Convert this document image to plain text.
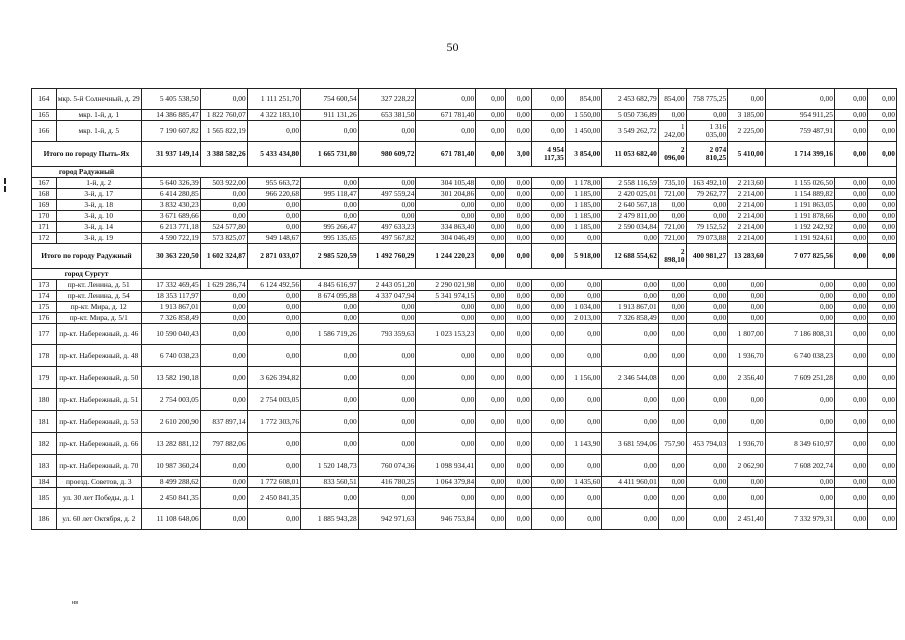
50
164	мкр. 5-й Солнечный, д. 29	5 405 538,50	0,00	1 111 251,70	754 600,54	327 228,22	0,00	0,00	0,00	0,00	854,00	2 453 682,79	854,00	758 775,25	0,00	0,00	0,00	0,00
165	мкр. 1-й, д. 1	14 386 885,47	1 822 760,07	4 322 183,10	911 131,26	653 381,50	671 781,40	0,00	0,00	0,00	1 550,00	5 050 736,89	0,00	0,00	3 185,00	954 911,25	0,00	0,00
166	мкр. 1-й, д. 5	7 190 607,82	1 565 822,19	0,00	0,00	0,00	0,00	0,00	0,00	0,00	1 450,00	3 549 262,72	1 242,00	1 316 035,00	2 225,00	759 487,91	0,00	0,00
Итого по городу Пыть-Ях		31 937 149,14	3 388 582,26	5 433 434,80	1 665 731,80	980 609,72	671 781,40	0,00	3,00	4 954 117,35	3 854,00	11 053 682,40	2 096,00	2 074 810,25	5 410,00	1 714 399,16	0,00	0,00
город Радужный																		
167	1-й, д. 2	5 640 326,39	503 922,00	955 663,72	0,00	0,00	304 105,48	0,00	0,00	0,00	1 178,00	2 558 116,59	735,10	163 492,10	2 213,60	1 155 026,50	0,00	0,00
168	3-й, д. 17	6 414 280,85	0,00	966 220,68	995 118,47	497 559,24	301 204,86	0,00	0,00	0,00	1 185,00	2 420 025,01	721,00	79 262,77	2 214,00	1 154 889,82	0,00	0,00
169	3-й, д. 18	3 832 430,23	0,00	0,00	0,00	0,00	0,00	0,00	0,00	0,00	1 185,00	2 640 567,18	0,00	0,00	2 214,00	1 191 863,05	0,00	0,00
170	3-й, д. 10	3 671 689,66	0,00	0,00	0,00	0,00	0,00	0,00	0,00	0,00	1 185,00	2 479 811,00	0,00	0,00	2 214,00	1 191 878,66	0,00	0,00
171	3-й, д. 14	6 213 771,18	524 577,80	0,00	995 266,47	497 633,23	334 863,40	0,00	0,00	0,00	1 185,00	2 590 034,84	721,00	79 152,52	2 214,00	1 192 242,92	0,00	0,00
172	3-й, д. 19	4 590 722,19	573 825,07	949 148,67	995 135,65	497 567,82	304 046,49	0,00	0,00	0,00	0,00	0,00	721,00	79 073,88	2 214,00	1 191 924,61	0,00	0,00
Итого по городу Радужный		30 363 220,50	1 602 324,87	2 871 033,07	2 985 520,59	1 492 760,29	1 244 220,23	0,00	0,00	0,00	5 918,00	12 688 554,62	2 898,10	400 981,27	13 283,60	7 077 825,56	0,00	0,00
город Сургут																		
173	пр-кт. Ленина, д. 51	17 332 469,45	1 629 286,74	6 124 492,56	4 845 616,97	2 443 051,20	2 290 021,98	0,00	0,00	0,00	0,00	0,00	0,00	0,00	0,00	0,00	0,00	0,00
174	пр-кт. Ленина, д. 54	18 353 117,97	0,00	0,00	8 674 095,88	4 337 047,94	5 341 974,15	0,00	0,00	0,00	0,00	0,00	0,00	0,00	0,00	0,00	0,00	0,00
175	пр-кт. Мира, д. 12	1 913 867,01	0,00	0,00	0,00	0,00	0,00	0,00	0,00	0,00	1 034,00	1 913 867,01	0,00	0,00	0,00	0,00	0,00	0,00
176	пр-кт. Мира, д. 5/1	7 326 858,49	0,00	0,00	0,00	0,00	0,00	0,00	0,00	0,00	2 013,00	7 326 858,49	0,00	0,00	0,00	0,00	0,00	0,00
177	пр-кт. Набережный, д. 46	10 590 040,43	0,00	0,00	1 586 719,26	793 359,63	1 023 153,23	0,00	0,00	0,00	0,00	0,00	0,00	0,00	1 807,00	7 186 808,31	0,00	0,00
178	пр-кт. Набережный, д. 48	6 740 038,23	0,00	0,00	0,00	0,00	0,00	0,00	0,00	0,00	0,00	0,00	0,00	0,00	1 936,70	6 740 038,23	0,00	0,00
179	пр-кт. Набережный, д. 50	13 582 190,18	0,00	3 626 394,82	0,00	0,00	0,00	0,00	0,00	0,00	1 156,00	2 346 544,08	0,00	0,00	2 356,40	7 609 251,28	0,00	0,00
180	пр-кт. Набережный, д. 51	2 754 003,05	0,00	2 754 003,05	0,00	0,00	0,00	0,00	0,00	0,00	0,00	0,00	0,00	0,00	0,00	0,00	0,00	0,00
181	пр-кт. Набережный, д. 53	2 610 200,90	837 897,14	1 772 303,76	0,00	0,00	0,00	0,00	0,00	0,00	0,00	0,00	0,00	0,00	0,00	0,00	0,00	0,00
182	пр-кт. Набережный, д. 66	13 282 881,12	797 882,06	0,00	0,00	0,00	0,00	0,00	0,00	0,00	1 143,90	3 681 594,06	757,90	453 794,03	1 936,70	8 349 610,97	0,00	0,00
183	пр-кт. Набережный, д. 70	10 987 360,24	0,00	0,00	1 520 148,73	760 074,36	1 098 934,41	0,00	0,00	0,00	0,00	0,00	0,00	0,00	2 062,90	7 608 202,74	0,00	0,00
184	проезд. Советов, д. 3	8 499 288,62	0,00	1 772 608,01	833 560,51	416 780,25	1 064 379,84	0,00	0,00	0,00	1 435,60	4 411 960,01	0,00	0,00	0,00	0,00	0,00	0,00
185	ул. 30 лет Победы, д. 1	2 450 841,35	0,00	2 450 841,35	0,00	0,00	0,00	0,00	0,00	0,00	0,00	0,00	0,00	0,00	0,00	0,00	0,00	0,00
186	ул. 60 лет Октября, д. 2	11 108 648,06	0,00	0,00	1 885 943,28	942 971,63	946 753,84	0,00	0,00	0,00	0,00	0,00	0,00	0,00	2 451,40	7 332 979,31	0,00	0,00
нв
